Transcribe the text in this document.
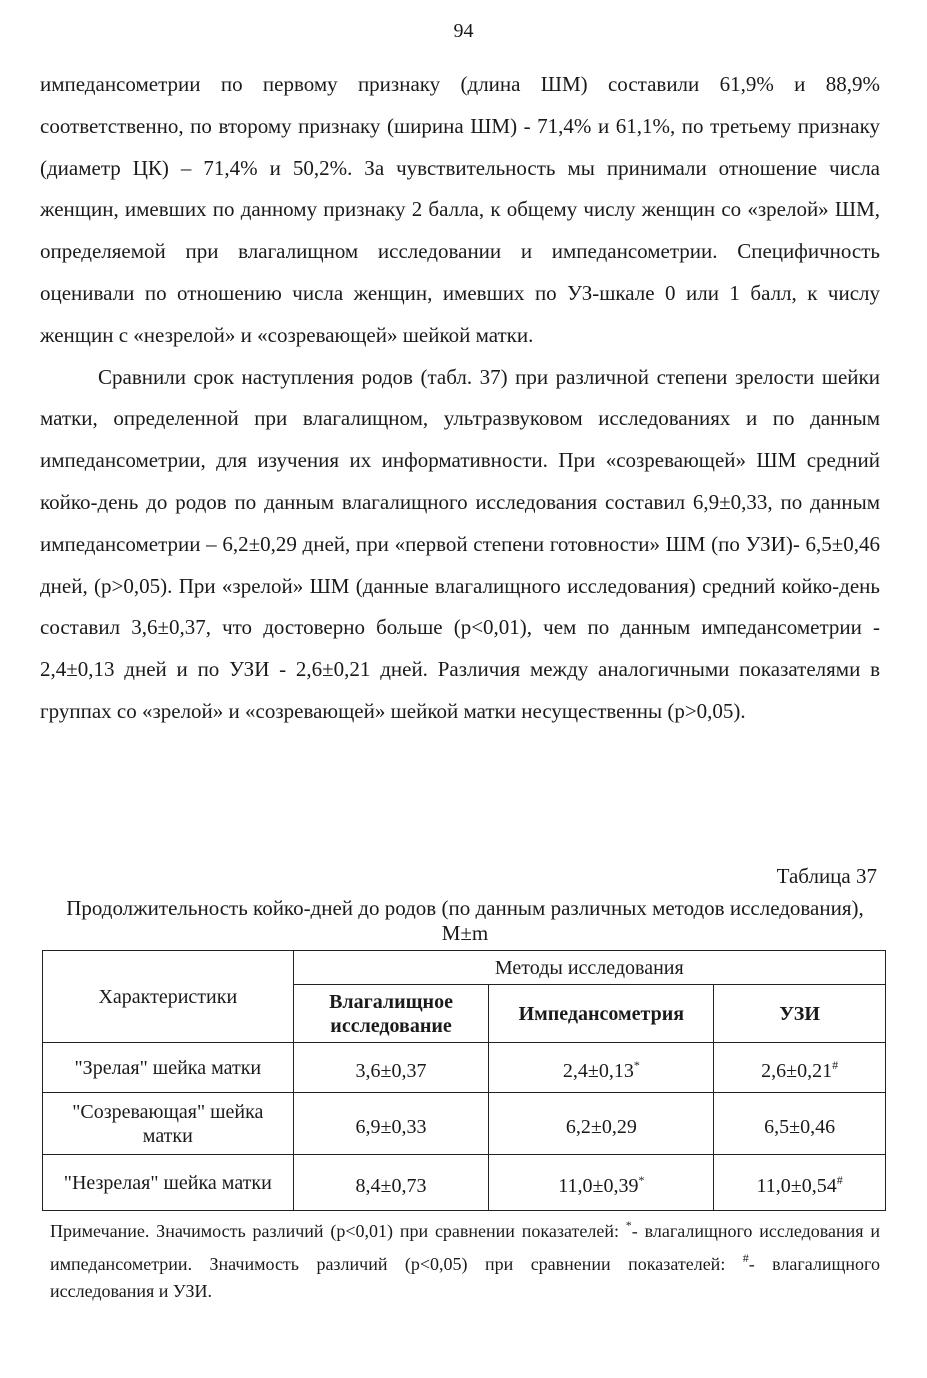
94

импедансометрии по первому признаку (длина ШМ) составили 61,9% и 88,9% соответственно, по второму признаку (ширина ШМ) - 71,4% и 61,1%, по третьему признаку (диаметр ЦК) – 71,4% и 50,2%. За чувствительность мы принимали отношение числа женщин, имевших по данному признаку 2 балла, к общему числу женщин со «зрелой» ШМ, определяемой при влагалищном исследовании и импедансометрии. Специфичность оценивали по отношению числа женщин, имевших по УЗ-шкале 0 или 1 балл, к числу женщин с «незрелой» и «созревающей» шейкой матки.

Сравнили срок наступления родов (табл. 37) при различной степени зрелости шейки матки, определенной при влагалищном, ультразвуковом исследованиях и по данным импедансометрии, для изучения их информативности. При «созревающей» ШМ средний койко-день до родов по данным влагалищного исследования составил 6,9±0,33, по данным импедансометрии – 6,2±0,29 дней, при «первой степени готовности» ШМ (по УЗИ)- 6,5±0,46 дней, (р>0,05). При «зрелой» ШМ (данные влагалищного исследования) средний койко-день составил 3,6±0,37, что достоверно больше (р<0,01), чем по данным импедансометрии - 2,4±0,13 дней и по УЗИ - 2,6±0,21 дней. Различия между аналогичными показателями в группах со «зрелой» и «созревающей» шейкой матки несущественны (р>0,05).

Таблица 37
Продолжительность койко-дней до родов (по данным различных методов исследования), М±m
Характеристики	Методы исследования		
	Влагалищное исследование	Импедансометрия	УЗИ
"Зрелая" шейка матки	3,6±0,37	2,4±0,13*	2,6±0,21#
"Созревающая" шейка матки	6,9±0,33	6,2±0,29	6,5±0,46
"Незрелая" шейка матки	8,4±0,73	11,0±0,39*	11,0±0,54#
Примечание. Значимость различий (р<0,01) при сравнении показателей: *- влагалищного исследования и импедансометрии. Значимость различий (р<0,05) при сравнении показателей: #- влагалищного исследования и УЗИ.
